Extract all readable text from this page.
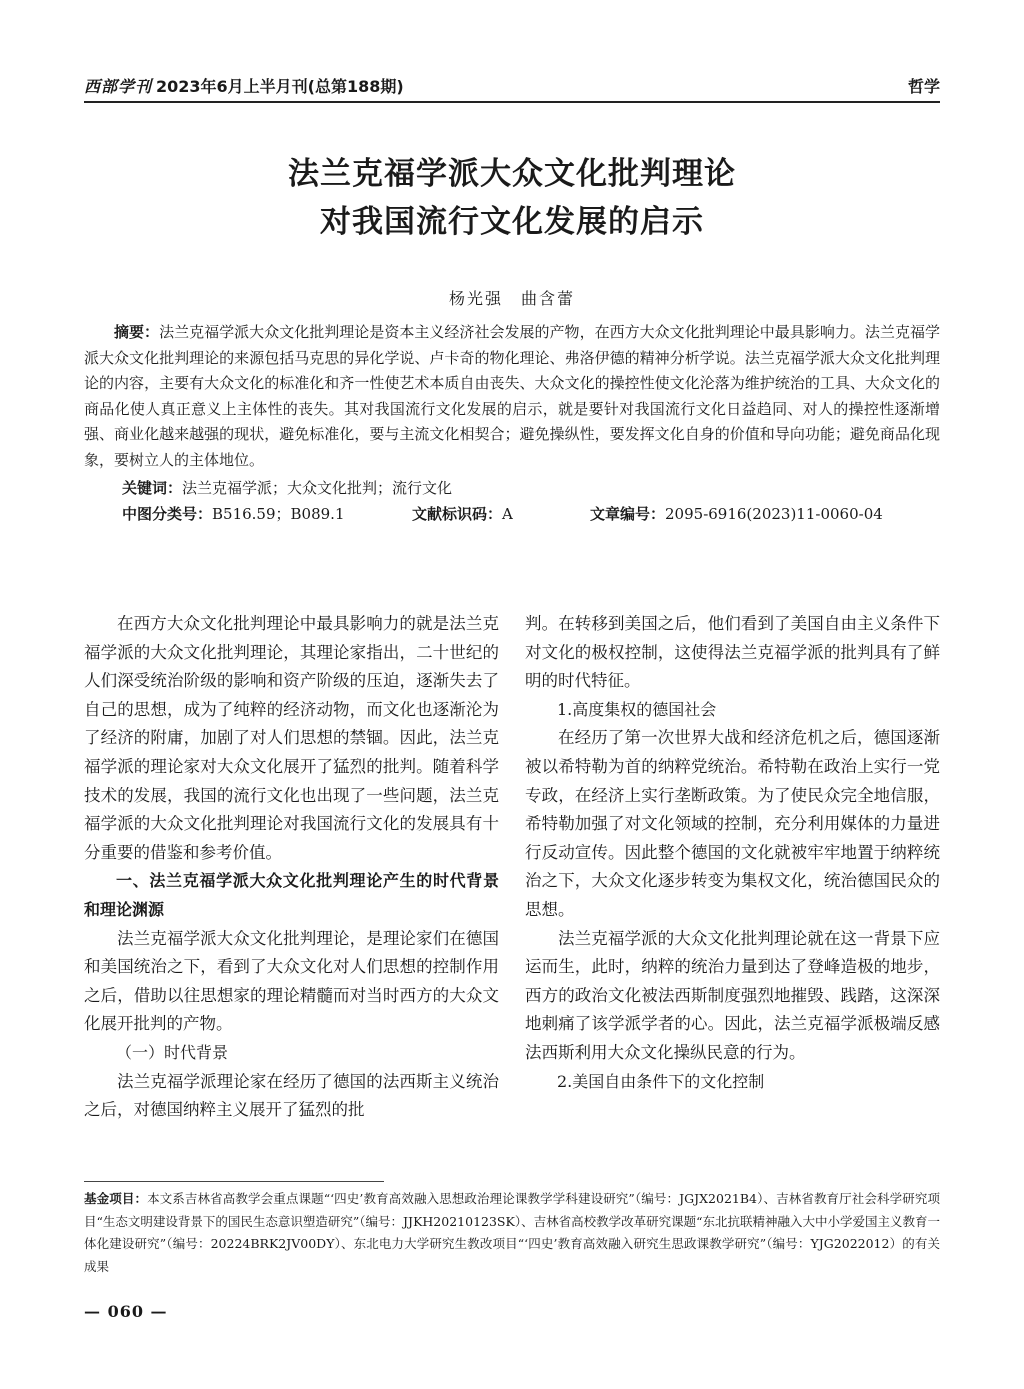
西部学刊 2023年6月上半月刊(总第188期)	哲学
法兰克福学派大众文化批判理论
对我国流行文化发展的启示
杨光强　曲含蕾

摘要：法兰克福学派大众文化批判理论是资本主义经济社会发展的产物，在西方大众文化批判理论中最具影响力。法兰克福学派大众文化批判理论的来源包括马克思的异化学说、卢卡奇的物化理论、弗洛伊德的精神分析学说。法兰克福学派大众文化批判理论的内容，主要有大众文化的标准化和齐一性使艺术本质自由丧失、大众文化的操控性使文化沦落为维护统治的工具、大众文化的商品化使人真正意义上主体性的丧失。其对我国流行文化发展的启示，就是要针对我国流行文化日益趋同、对人的操控性逐渐增强、商业化越来越强的现状，避免标准化，要与主流文化相契合；避免操纵性，要发挥文化自身的价值和导向功能；避免商品化现象，要树立人的主体地位。

关键词：法兰克福学派；大众文化批判；流行文化
中图分类号：B516.59；B089.1	文献标识码：A	文章编号：2095-6916(2023)11-0060-04

在西方大众文化批判理论中最具影响力的就是法兰克福学派的大众文化批判理论，其理论家指出，二十世纪的人们深受统治阶级的影响和资产阶级的压迫，逐渐失去了自己的思想，成为了纯粹的经济动物，而文化也逐渐沦为了经济的附庸，加剧了对人们思想的禁锢。因此，法兰克福学派的理论家对大众文化展开了猛烈的批判。随着科学技术的发展，我国的流行文化也出现了一些问题，法兰克福学派的大众文化批判理论对我国流行文化的发展具有十分重要的借鉴和参考价值。

一、法兰克福学派大众文化批判理论产生的时代背景和理论渊源

法兰克福学派大众文化批判理论，是理论家们在德国和美国统治之下，看到了大众文化对人们思想的控制作用之后，借助以往思想家的理论精髓而对当时西方的大众文化展开批判的产物。

（一）时代背景

法兰克福学派理论家在经历了德国的法西斯主义统治之后，对德国纳粹主义展开了猛烈的批

判。在转移到美国之后，他们看到了美国自由主义条件下对文化的极权控制，这使得法兰克福学派的批判具有了鲜明的时代特征。

1.高度集权的德国社会

在经历了第一次世界大战和经济危机之后，德国逐渐被以希特勒为首的纳粹党统治。希特勒在政治上实行一党专政，在经济上实行垄断政策。为了使民众完全地信服，希特勒加强了对文化领域的控制，充分利用媒体的力量进行反动宣传。因此整个德国的文化就被牢牢地置于纳粹统治之下，大众文化逐步转变为集权文化，统治德国民众的思想。

法兰克福学派的大众文化批判理论就在这一背景下应运而生，此时，纳粹的统治力量到达了登峰造极的地步，西方的政治文化被法西斯制度强烈地摧毁、践踏，这深深地刺痛了该学派学者的心。因此，法兰克福学派极端反感法西斯利用大众文化操纵民意的行为。

2.美国自由条件下的文化控制

基金项目：本文系吉林省高教学会重点课题“‘四史’教育高效融入思想政治理论课教学学科建设研究”（编号：JGJX2021B4）、吉林省教育厅社会科学研究项目“生态文明建设背景下的国民生态意识塑造研究”（编号：JJKH20210123SK）、吉林省高校教学改革研究课题“东北抗联精神融入大中小学爱国主义教育一体化建设研究”（编号：20224BRK2JV00DY）、东北电力大学研究生教改项目“‘四史’教育高效融入研究生思政课教学研究”（编号：YJG2022012）的有关成果
— 060 —
